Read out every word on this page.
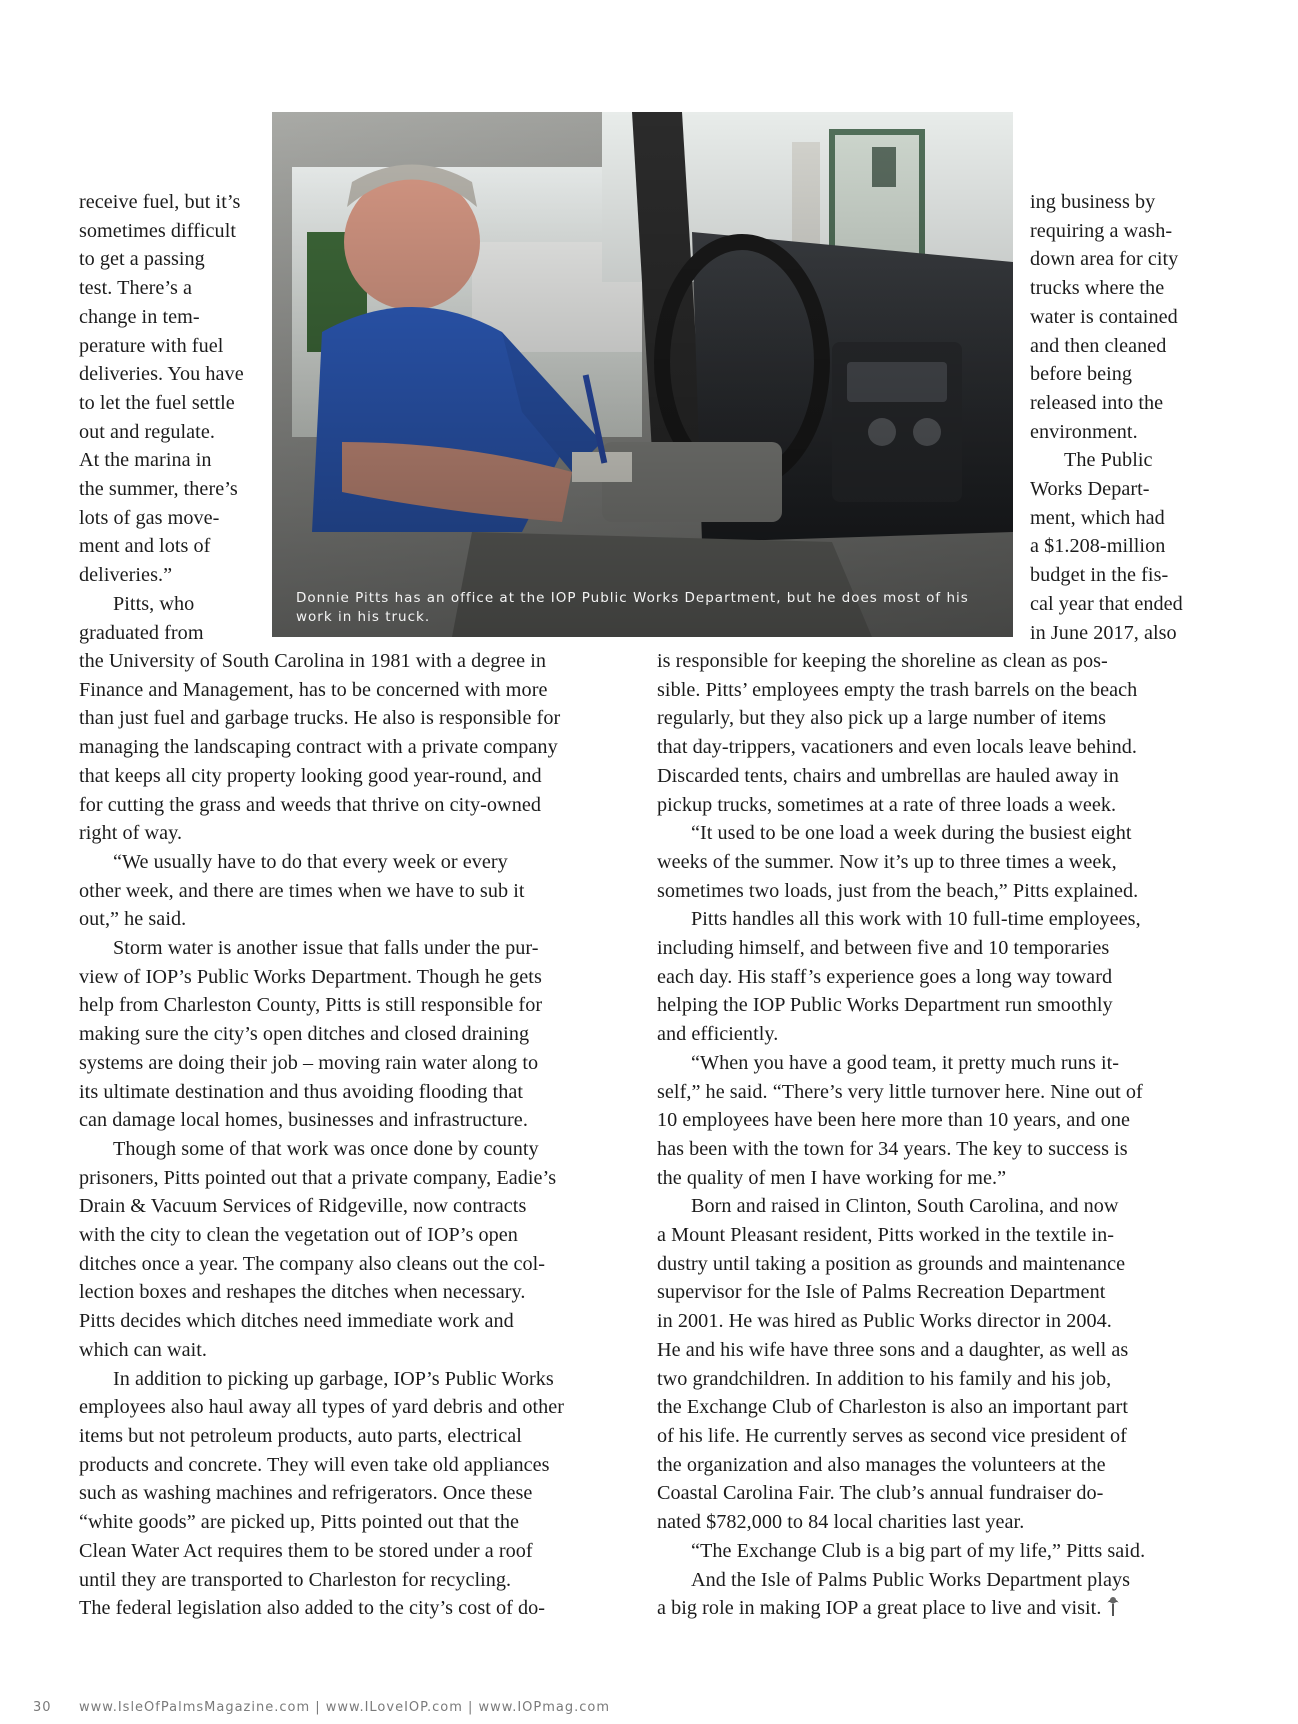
receive fuel, but it’s
sometimes difficult
to get a passing
test. There’s a
change in tem-
perature with fuel
deliveries. You have
to let the fuel settle
out and regulate.
At the marina in
the summer, there’s
lots of gas move-
ment and lots of
deliveries.”
Pitts, who
graduated from
ing business by
requiring a wash-
down area for city
trucks where the
water is contained
and then cleaned
before being
released into the
environment.
The Public
Works Depart-
ment, which had
a $1.208-million
budget in the fis-
cal year that ended
in June 2017, also
the University of South Carolina in 1981 with a degree in
Finance and Management, has to be concerned with more
than just fuel and garbage trucks. He also is responsible for
managing the landscaping contract with a private company
that keeps all city property looking good year-round, and
for cutting the grass and weeds that thrive on city-owned
right of way.
“We usually have to do that every week or every
other week, and there are times when we have to sub it
out,” he said.
Storm water is another issue that falls under the pur-
view of IOP’s Public Works Department. Though he gets
help from Charleston County, Pitts is still responsible for
making sure the city’s open ditches and closed draining
systems are doing their job – moving rain water along to
its ultimate destination and thus avoiding flooding that
can damage local homes, businesses and infrastructure.
Though some of that work was once done by county
prisoners, Pitts pointed out that a private company, Eadie’s
Drain & Vacuum Services of Ridgeville, now contracts
with the city to clean the vegetation out of IOP’s open
ditches once a year. The company also cleans out the col-
lection boxes and reshapes the ditches when necessary.
Pitts decides which ditches need immediate work and
which can wait.
In addition to picking up garbage, IOP’s Public Works
employees also haul away all types of yard debris and other
items but not petroleum products, auto parts, electrical
products and concrete. They will even take old appliances
such as washing machines and refrigerators. Once these
“white goods” are picked up, Pitts pointed out that the
Clean Water Act requires them to be stored under a roof
until they are transported to Charleston for recycling.
The federal legislation also added to the city’s cost of do-
is responsible for keeping the shoreline as clean as pos-
sible. Pitts’ employees empty the trash barrels on the beach
regularly, but they also pick up a large number of items
that day-trippers, vacationers and even locals leave behind.
Discarded tents, chairs and umbrellas are hauled away in
pickup trucks, sometimes at a rate of three loads a week.
“It used to be one load a week during the busiest eight
weeks of the summer. Now it’s up to three times a week,
sometimes two loads, just from the beach,” Pitts explained.
Pitts handles all this work with 10 full-time employees,
including himself, and between five and 10 temporaries
each day. His staff’s experience goes a long way toward
helping the IOP Public Works Department run smoothly
and efficiently.
“When you have a good team, it pretty much runs it-
self,” he said. “There’s very little turnover here. Nine out of
10 employees have been here more than 10 years, and one
has been with the town for 34 years. The key to success is
the quality of men I have working for me.”
Born and raised in Clinton, South Carolina, and now
a Mount Pleasant resident, Pitts worked in the textile in-
dustry until taking a position as grounds and maintenance
supervisor for the Isle of Palms Recreation Department
in 2001. He was hired as Public Works director in 2004.
He and his wife have three sons and a daughter, as well as
two grandchildren. In addition to his family and his job,
the Exchange Club of Charleston is also an important part
of his life. He currently serves as second vice president of
the organization and also manages the volunteers at the
Coastal Carolina Fair. The club’s annual fundraiser do-
nated $782,000 to 84 local charities last year.
“The Exchange Club is a big part of my life,” Pitts said.
And the Isle of Palms Public Works Department plays
a big role in making IOP a great place to live and visit.
Donnie Pitts has an office at the IOP Public Works Department, but he does most of his
work in his truck.
30 www.IsleOfPalmsMagazine.com | www.ILoveIOP.com | www.IOPmag.com
